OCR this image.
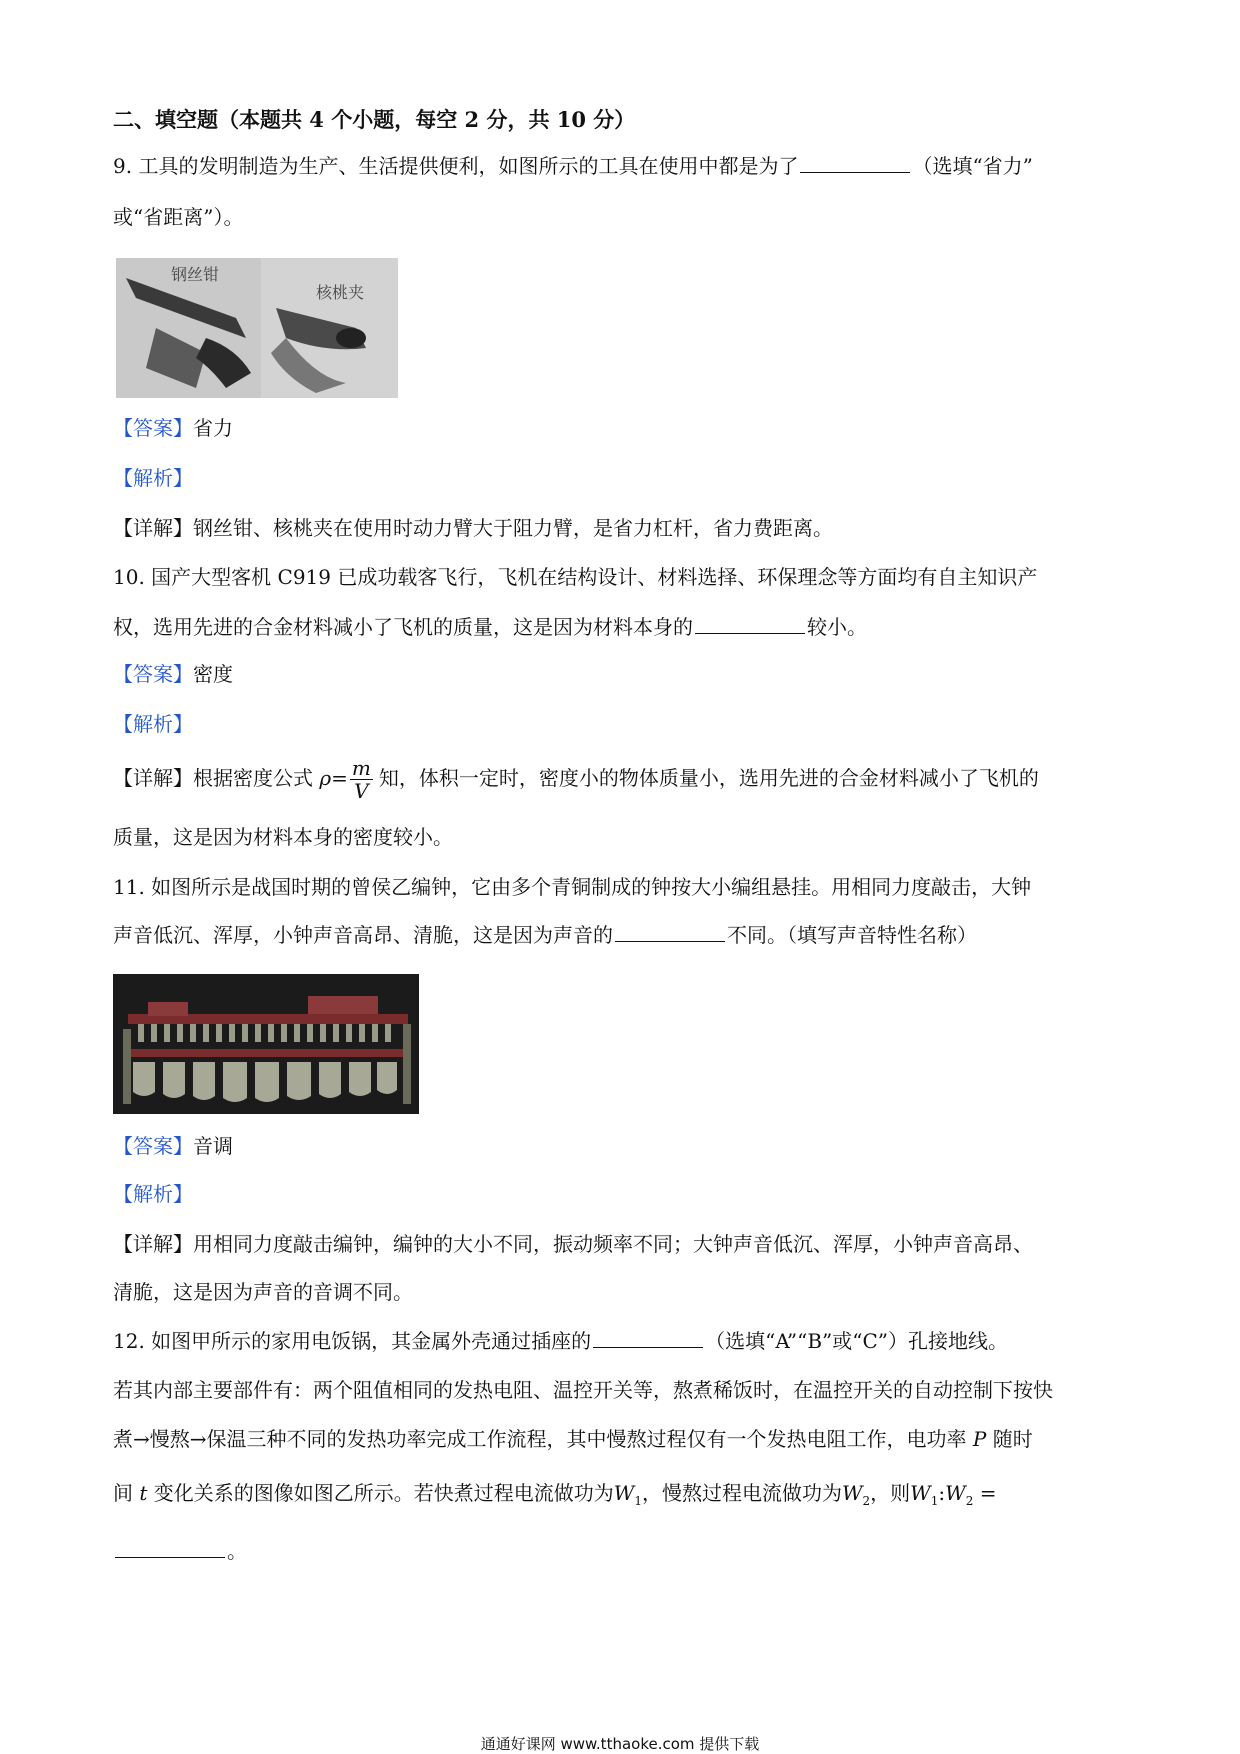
二、填空题（本题共 4 个小题，每空 2 分，共 10 分）
9. 工具的发明制造为生产、生活提供便利，如图所示的工具在使用中都是为了	（选填“省力”
或“省距离”）。
钢丝钳
核桃夹
【答案】省力
【解析】
【详解】钢丝钳、核桃夹在使用时动力臂大于阻力臂，是省力杠杆，省力费距离。
10. 国产大型客机 C919 已成功载客飞行，飞机在结构设计、材料选择、环保理念等方面均有自主知识产
权，选用先进的合金材料减小了飞机的质量，这是因为材料本身的	较小。
【答案】密度
【解析】
【详解】根据密度公式 $\rho= \frac{m}{V}$ 知，体积一定时，密度小的物体质量小，选用先进的合金材料减小了飞机的
质量，这是因为材料本身的密度较小。
11. 如图所示是战国时期的曾侯乙编钟，它由多个青铜制成的钟按大小编组悬挂。用相同力度敲击，大钟
声音低沉、浑厚，小钟声音高昂、清脆，这是因为声音的	不同。（填写声音特性名称）
【答案】音调
【解析】
【详解】用相同力度敲击编钟，编钟的大小不同，振动频率不同；大钟声音低沉、浑厚，小钟声音高昂、
清脆，这是因为声音的音调不同。
12. 如图甲所示的家用电饭锅，其金属外壳通过插座的	（选填“A”“B”或“C”）孔接地线。
若其内部主要部件有：两个阻值相同的发热电阻、温控开关等，熬煮稀饭时，在温控开关的自动控制下按快
煮→慢熬→保温三种不同的发热功率完成工作流程，其中慢熬过程仅有一个发热电阻工作，电功率 P 随时
间 t 变化关系的图像如图乙所示。若快煮过程电流做功为$W_1$，慢熬过程电流做功为$W_2$，则$W_1:W_2$ =
。
通通好课网 www.tthaoke.com 提供下载
